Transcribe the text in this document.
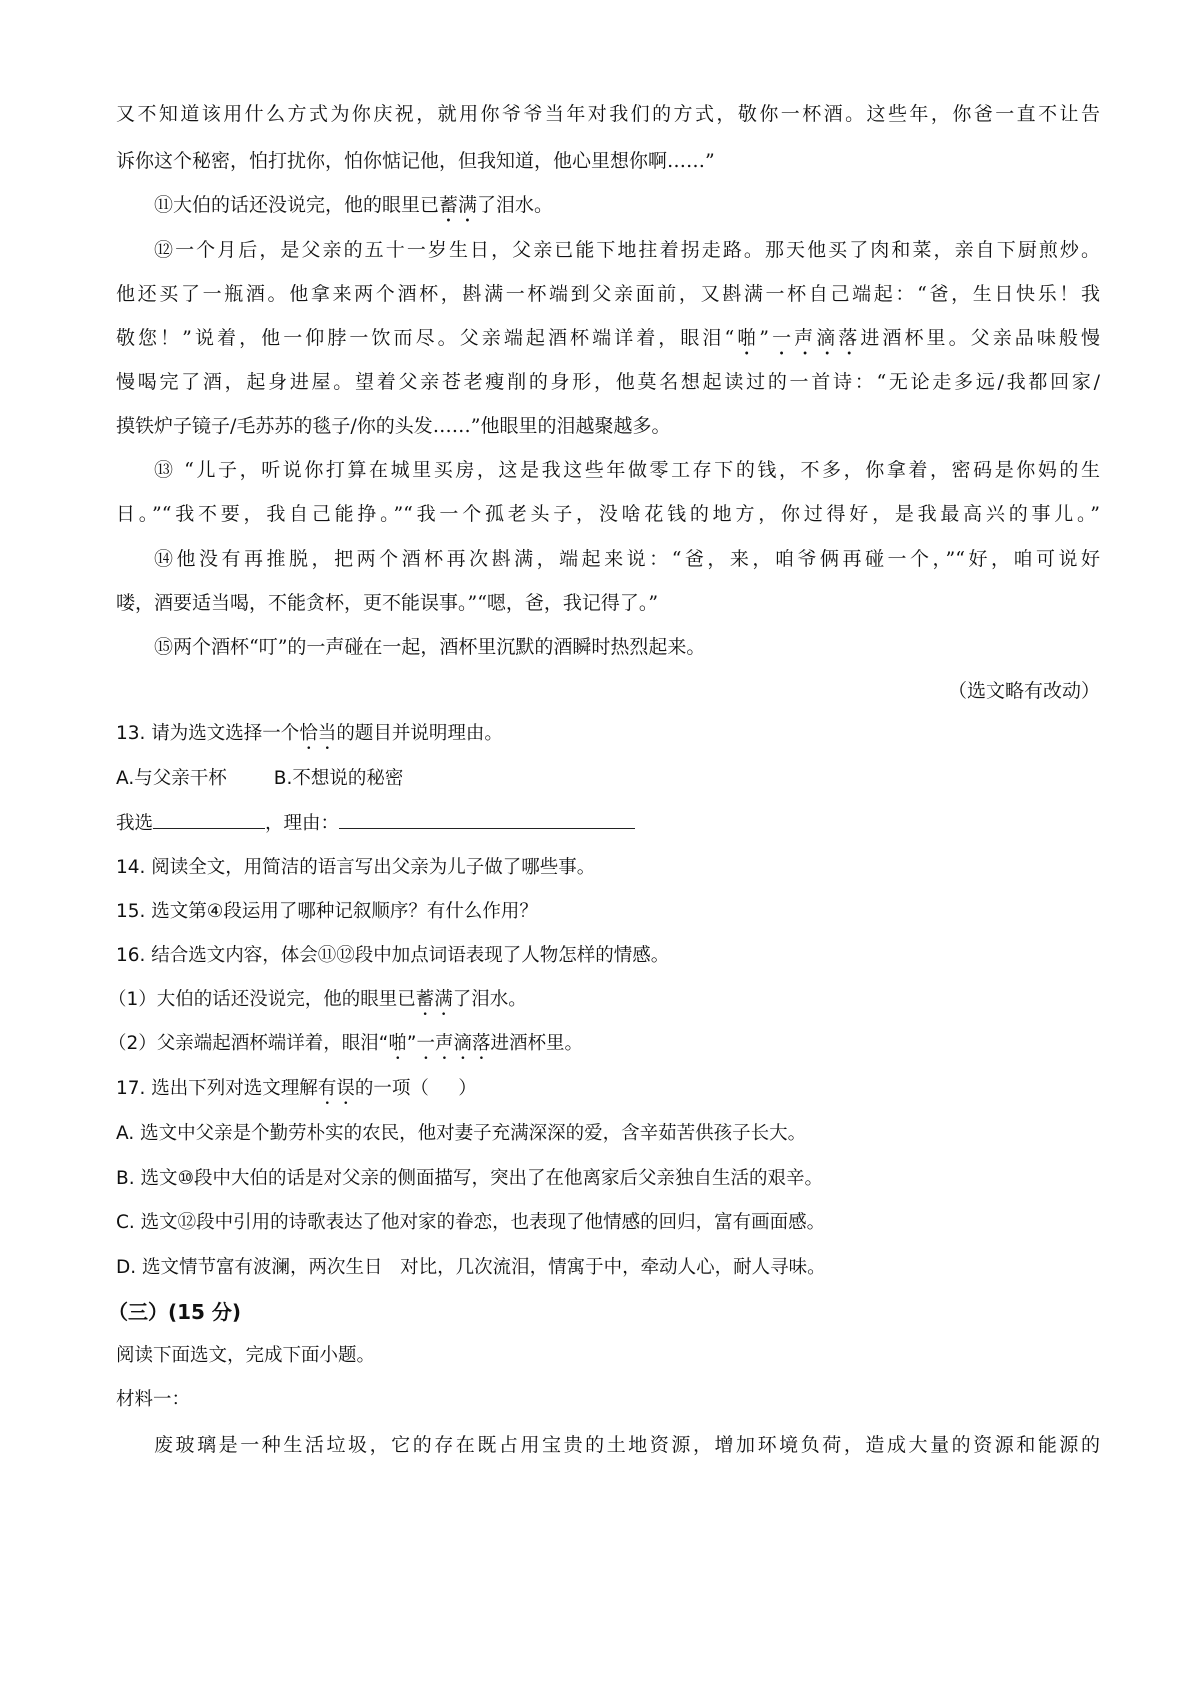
又不知道该用什么方式为你庆祝，就用你爷爷当年对我们的方式，敬你一杯酒。这些年，你爸一直不让告
诉你这个秘密，怕打扰你，怕你惦记他，但我知道，他心里想你啊……”
⑪大伯的话还没说完，他的眼里已蓄满了泪水。
⑫一个月后，是父亲的五十一岁生日，父亲已能下地拄着拐走路。那天他买了肉和菜，亲自下厨煎炒。
他还买了一瓶酒。他拿来两个酒杯，斟满一杯端到父亲面前，又斟满一杯自己端起：“爸，生日快乐！我
敬您！”说着，他一仰脖一饮而尽。父亲端起酒杯端详着，眼泪“啪”一声滴落进酒杯里。父亲品味般慢
慢喝完了酒，起身进屋。望着父亲苍老瘦削的身形，他莫名想起读过的一首诗：“无论走多远/我都回家/
摸铁炉子镜子/毛苏苏的毯子/你的头发……”他眼里的泪越聚越多。
⑬ “儿子，听说你打算在城里买房，这是我这些年做零工存下的钱，不多，你拿着，密码是你妈的生
日。”“我不要，我自己能挣。”“我一个孤老头子，没啥花钱的地方，你过得好，是我最高兴的事儿。”
⑭他没有再推脱，把两个酒杯再次斟满，端起来说：“爸，来，咱爷俩再碰一个，”“好，咱可说好
喽，酒要适当喝，不能贪杯，更不能误事。”“嗯，爸，我记得了。”
⑮两个酒杯“叮”的一声碰在一起，酒杯里沉默的酒瞬时热烈起来。
（选文略有改动）
13. 请为选文选择一个恰当的题目并说明理由。
A.与父亲干杯        B.不想说的秘密
我选	，理由：
14. 阅读全文，用简洁的语言写出父亲为儿子做了哪些事。
15. 选文第④段运用了哪种记叙顺序？有什么作用？
16. 结合选文内容，体会⑪⑫段中加点词语表现了人物怎样的情感。
（1）大伯的话还没说完，他的眼里已蓄满了泪水。
（2）父亲端起酒杯端详着，眼泪“啪”一声滴落进酒杯里。
17. 选出下列对选文理解有误的一项（     ）
A. 选文中父亲是个勤劳朴实的农民，他对妻子充满深深的爱，含辛茹苦供孩子长大。
B. 选文⑩段中大伯的话是对父亲的侧面描写，突出了在他离家后父亲独自生活的艰辛。
C. 选文⑫段中引用的诗歌表达了他对家的眷恋，也表现了他情感的回归，富有画面感。
D. 选文情节富有波澜，两次生日   对比，几次流泪，情寓于中，牵动人心，耐人寻味。
（三）(15 分)
阅读下面选文，完成下面小题。
材料一：
废玻璃是一种生活垃圾，它的存在既占用宝贵的土地资源，增加环境负荷，造成大量的资源和能源的
